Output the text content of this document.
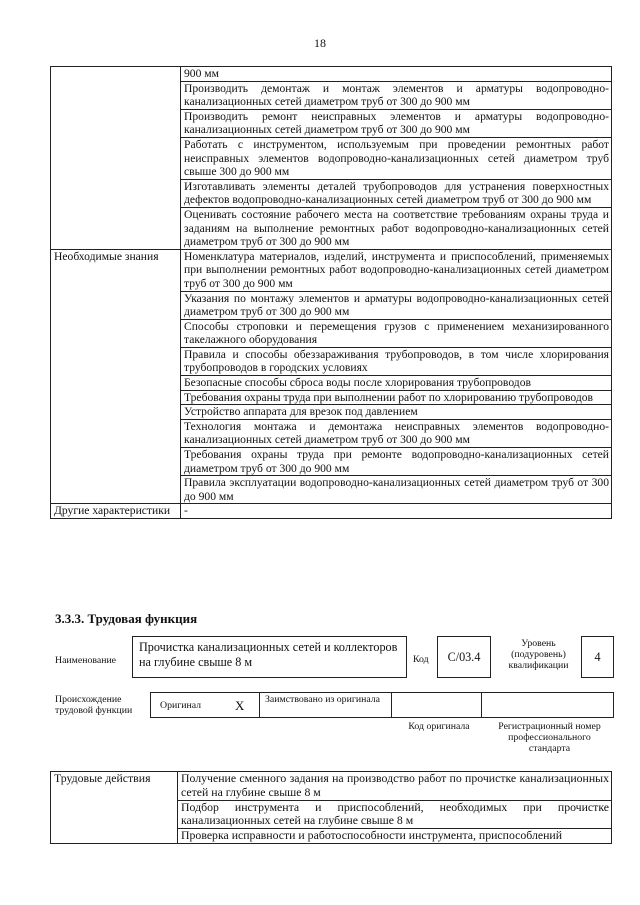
18
	900 мм
	Производить демонтаж и монтаж элементов и арматуры водопроводно-канализационных сетей диаметром труб от 300 до 900 мм
	Производить ремонт неисправных элементов и арматуры водопроводно-канализационных сетей диаметром труб от 300 до 900 мм
	Работать с инструментом, используемым при проведении ремонтных работ неисправных элементов водопроводно-канализационных сетей диаметром труб свыше 300 до 900 мм
	Изготавливать элементы деталей трубопроводов для устранения поверхностных дефектов водопроводно-канализационных сетей диаметром труб от 300 до 900 мм
	Оценивать состояние рабочего места на соответствие требованиям охраны труда и заданиям на выполнение ремонтных работ водопроводно-канализационных сетей диаметром труб от 300 до 900 мм
Необходимые знания	Номенклатура материалов, изделий, инструмента и приспособлений, применяемых при выполнении ремонтных работ водопроводно-канализационных сетей диаметром труб от 300 до 900 мм
	Указания по монтажу элементов и арматуры водопроводно-канализационных сетей диаметром труб от 300 до 900 мм
	Способы строповки и перемещения грузов с применением механизированного такелажного оборудования
	Правила и способы обеззараживания трубопроводов, в том числе хлорирования трубопроводов в городских условиях
	Безопасные способы сброса воды после хлорирования трубопроводов
	Требования охраны труда при выполнении работ по хлорированию трубопроводов
	Устройство аппарата для врезок под давлением
	Технология монтажа и демонтажа неисправных элементов водопроводно-канализационных сетей диаметром труб от 300 до 900 мм
	Требования охраны труда при ремонте водопроводно-канализационных сетей диаметром труб от 300 до 900 мм
	Правила эксплуатации водопроводно-канализационных сетей диаметром труб от 300 до 900 мм
Другие характеристики	-
3.3.3. Трудовая функция
Наименование
Прочистка канализационных сетей и коллекторов на глубине свыше 8 м	Код	С/03.4
Уровень (подуровень) квалификации
4
Происхождение трудовой функции	Оригинал	X Заимствовано из оригинала
Код оригинала	Регистрационный номер профессионального стандарта
Трудовые действия	Получение сменного задания на производство работ по прочистке канализационных сетей на глубине свыше 8 м
Подбор инструмента и приспособлений, необходимых при прочистке канализационных сетей на глубине свыше 8 м
Проверка исправности и работоспособности инструмента, приспособлений
